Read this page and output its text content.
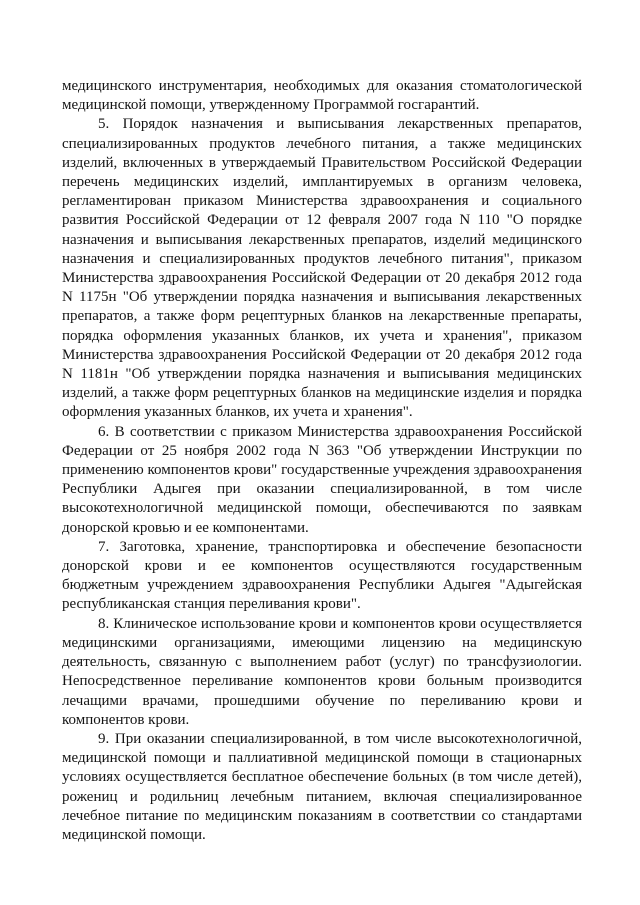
медицинского инструментария, необходимых для оказания стоматологической медицинской помощи, утвержденному Программой госгарантий.

5. Порядок назначения и выписывания лекарственных препаратов, специализированных продуктов лечебного питания, а также медицинских изделий, включенных в утверждаемый Правительством Российской Федерации перечень медицинских изделий, имплантируемых в организм человека, регламентирован приказом Министерства здравоохранения и социального развития Российской Федерации от 12 февраля 2007 года N 110 "О порядке назначения и выписывания лекарственных препаратов, изделий медицинского назначения и специализированных продуктов лечебного питания", приказом Министерства здравоохранения Российской Федерации от 20 декабря 2012 года N 1175н "Об утверждении порядка назначения и выписывания лекарственных препаратов, а также форм рецептурных бланков на лекарственные препараты, порядка оформления указанных бланков, их учета и хранения", приказом Министерства здравоохранения Российской Федерации от 20 декабря 2012 года N 1181н "Об утверждении порядка назначения и выписывания медицинских изделий, а также форм рецептурных бланков на медицинские изделия и порядка оформления указанных бланков, их учета и хранения".

6. В соответствии с приказом Министерства здравоохранения Российской Федерации от 25 ноября 2002 года N 363 "Об утверждении Инструкции по применению компонентов крови" государственные учреждения здравоохранения Республики Адыгея при оказании специализированной, в том числе высокотехнологичной медицинской помощи, обеспечиваются по заявкам донорской кровью и ее компонентами.

7. Заготовка, хранение, транспортировка и обеспечение безопасности донорской крови и ее компонентов осуществляются государственным бюджетным учреждением здравоохранения Республики Адыгея "Адыгейская республиканская станция переливания крови".

8. Клиническое использование крови и компонентов крови осуществляется медицинскими организациями, имеющими лицензию на медицинскую деятельность, связанную с выполнением работ (услуг) по трансфузиологии. Непосредственное переливание компонентов крови больным производится лечащими врачами, прошедшими обучение по переливанию крови и компонентов крови.

9. При оказании специализированной, в том числе высокотехнологичной, медицинской помощи и паллиативной медицинской помощи в стационарных условиях осуществляется бесплатное обеспечение больных (в том числе детей), рожениц и родильниц лечебным питанием, включая специализированное лечебное питание по медицинским показаниям в соответствии со стандартами медицинской помощи.
